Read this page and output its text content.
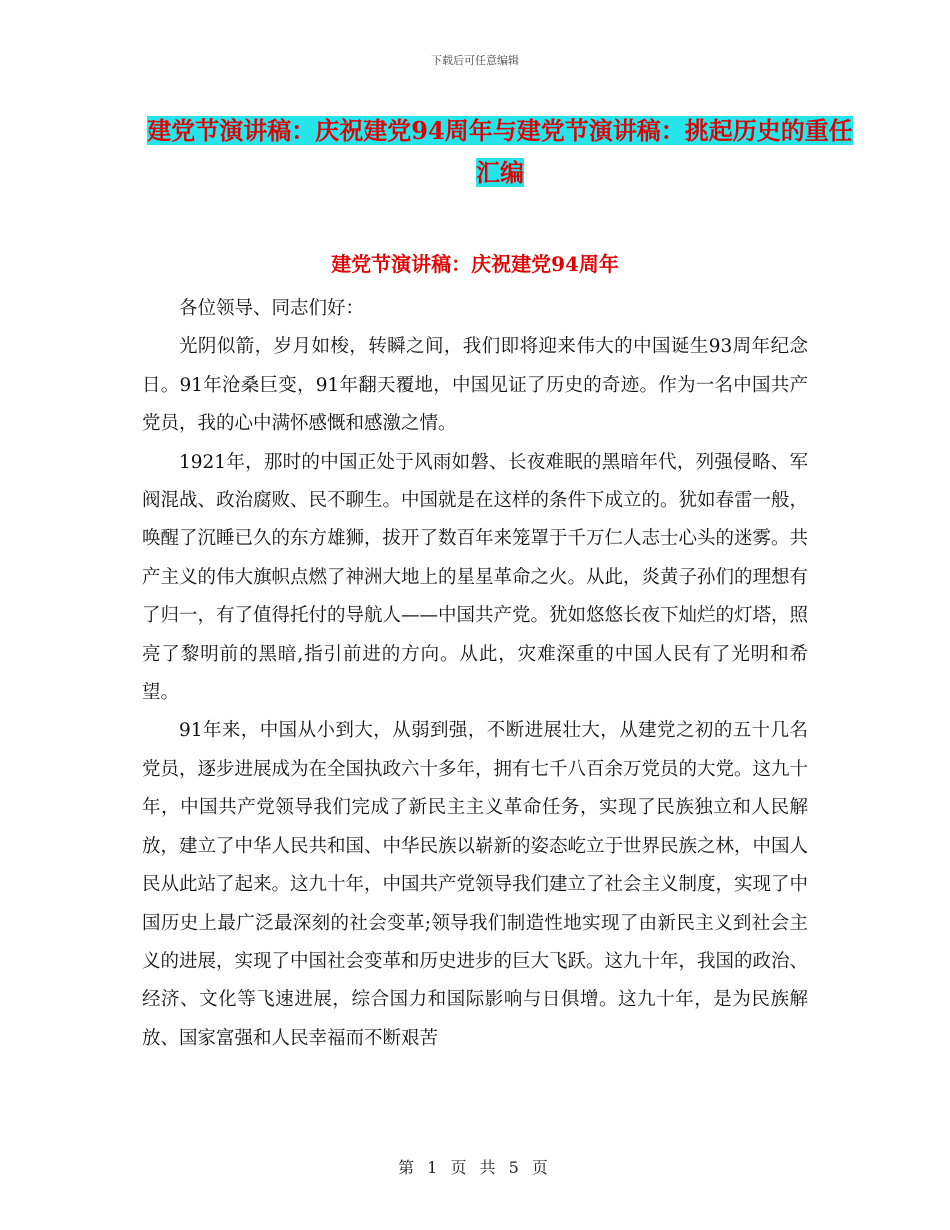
下载后可任意编辑
建党节演讲稿：庆祝建党94周年与建党节演讲稿：挑起历史的重任汇编
建党节演讲稿：庆祝建党94周年

各位领导、同志们好：

光阴似箭，岁月如梭，转瞬之间，我们即将迎来伟大的中国诞生93周年纪念日。91年沧桑巨变，91年翻天覆地，中国见证了历史的奇迹。作为一名中国共产党员，我的心中满怀感慨和感激之情。

1921年，那时的中国正处于风雨如磐、长夜难眠的黑暗年代，列强侵略、军阀混战、政治腐败、民不聊生。中国就是在这样的条件下成立的。犹如春雷一般，唤醒了沉睡已久的东方雄狮，拔开了数百年来笼罩于千万仁人志士心头的迷雾。共产主义的伟大旗帜点燃了神洲大地上的星星革命之火。从此，炎黄子孙们的理想有了归一，有了值得托付的导航人——中国共产党。犹如悠悠长夜下灿烂的灯塔，照亮了黎明前的黑暗,指引前进的方向。从此，灾难深重的中国人民有了光明和希望。

91年来，中国从小到大，从弱到强，不断进展壮大，从建党之初的五十几名党员，逐步进展成为在全国执政六十多年，拥有七千八百余万党员的大党。这九十年，中国共产党领导我们完成了新民主主义革命任务，实现了民族独立和人民解放，建立了中华人民共和国、中华民族以崭新的姿态屹立于世界民族之林，中国人民从此站了起来。这九十年，中国共产党领导我们建立了社会主义制度，实现了中国历史上最广泛最深刻的社会变革;领导我们制造性地实现了由新民主义到社会主义的进展，实现了中国社会变革和历史进步的巨大飞跃。这九十年，我国的政治、经济、文化等飞速进展，综合国力和国际影响与日俱增。这九十年，是为民族解放、国家富强和人民幸福而不断艰苦

第 1 页 共 5 页
